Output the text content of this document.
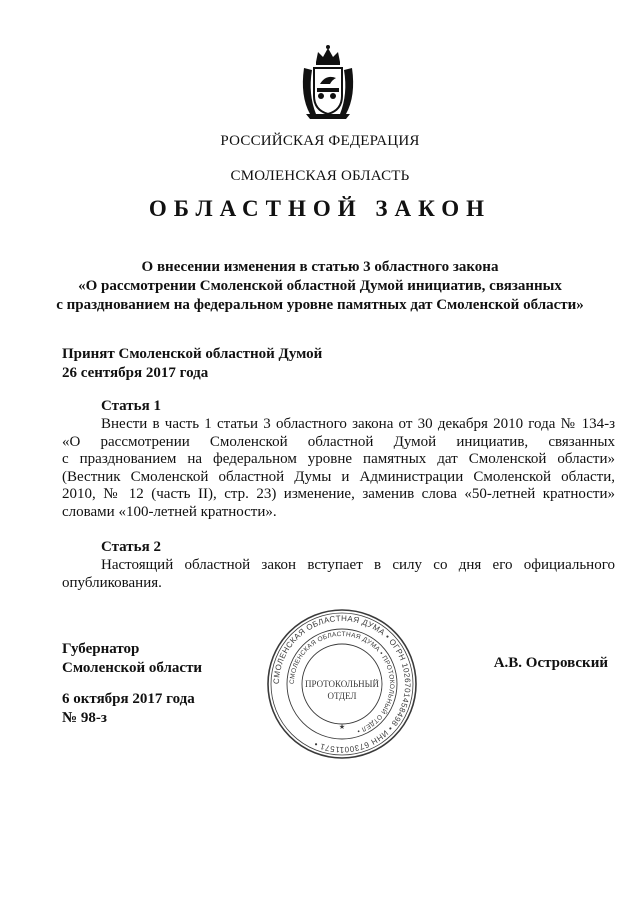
РОССИЙСКАЯ ФЕДЕРАЦИЯ
СМОЛЕНСКАЯ ОБЛАСТЬ
ОБЛАСТНОЙ ЗАКОН
О внесении изменения в статью 3 областного закона
«О рассмотрении Смоленской областной Думой инициатив, связанных
с празднованием на федеральном уровне памятных дат Смоленской области»
Принят Смоленской областной Думой
26 сентября 2017 года
Статья 1
Внести в часть 1 статьи 3 областного закона от 30 декабря 2010 года № 134-з
«О рассмотрении Смоленской областной Думой инициатив, связанных
с празднованием на федеральном уровне памятных дат Смоленской области»
(Вестник Смоленской областной Думы и Администрации Смоленской области,
2010, № 12 (часть II), стр. 23) изменение, заменив слова «50-летней кратности»
словами «100-летней кратности».
Статья 2
Настоящий областной закон вступает в силу со дня его официального
опубликования.
Губернатор
Смоленской области	А.В. Островский
6 октября 2017 года
№ 98-з
СМОЛЕНСКАЯ ОБЛАСТНАЯ ДУМА • ОГРН 1026701458498 • ИНН 6730011571 •
СМОЛЕНСКАЯ ОБЛАСТНАЯ ДУМА • ПРОТОКОЛЬНЫЙ ОТДЕЛ •
ПРОТОКОЛЬНЫЙ
ОТДЕЛ
★
